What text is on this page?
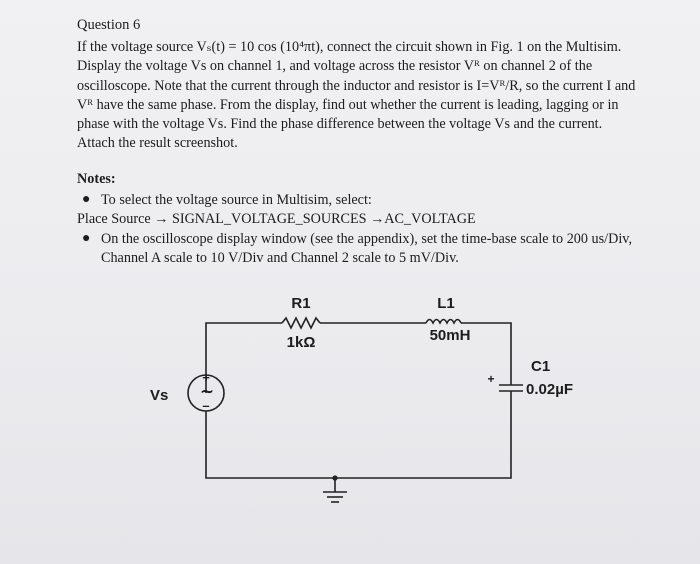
Question 6

If the voltage source Vₛ(t) = 10 cos (10⁴πt), connect the circuit shown in Fig. 1 on the Multisim.

Display the voltage Vs on channel 1, and voltage across the resistor Vᴿ on channel 2 of the

oscilloscope. Note that the current through the inductor and resistor is I=Vᴿ/R, so the current I and

Vᴿ have the same phase. From the display, find out whether the current is leading, lagging or in

phase with the voltage Vs. Find the phase difference between the voltage Vs and the current.

Attach the result screenshot.

Notes:
● To select the voltage source in Multisim, select:
Place Source → SIGNAL_VOLTAGE_SOURCES →AC_VOLTAGE
● On the oscilloscope display window (see the appendix), set the time-base scale to 200 us/Div,
Channel A scale to 10 V/Div and Channel 2 scale to 5 mV/Div.
+
∼
–
+
R1
1kΩ
L1
50mH
C1
0.02µF
Vs
